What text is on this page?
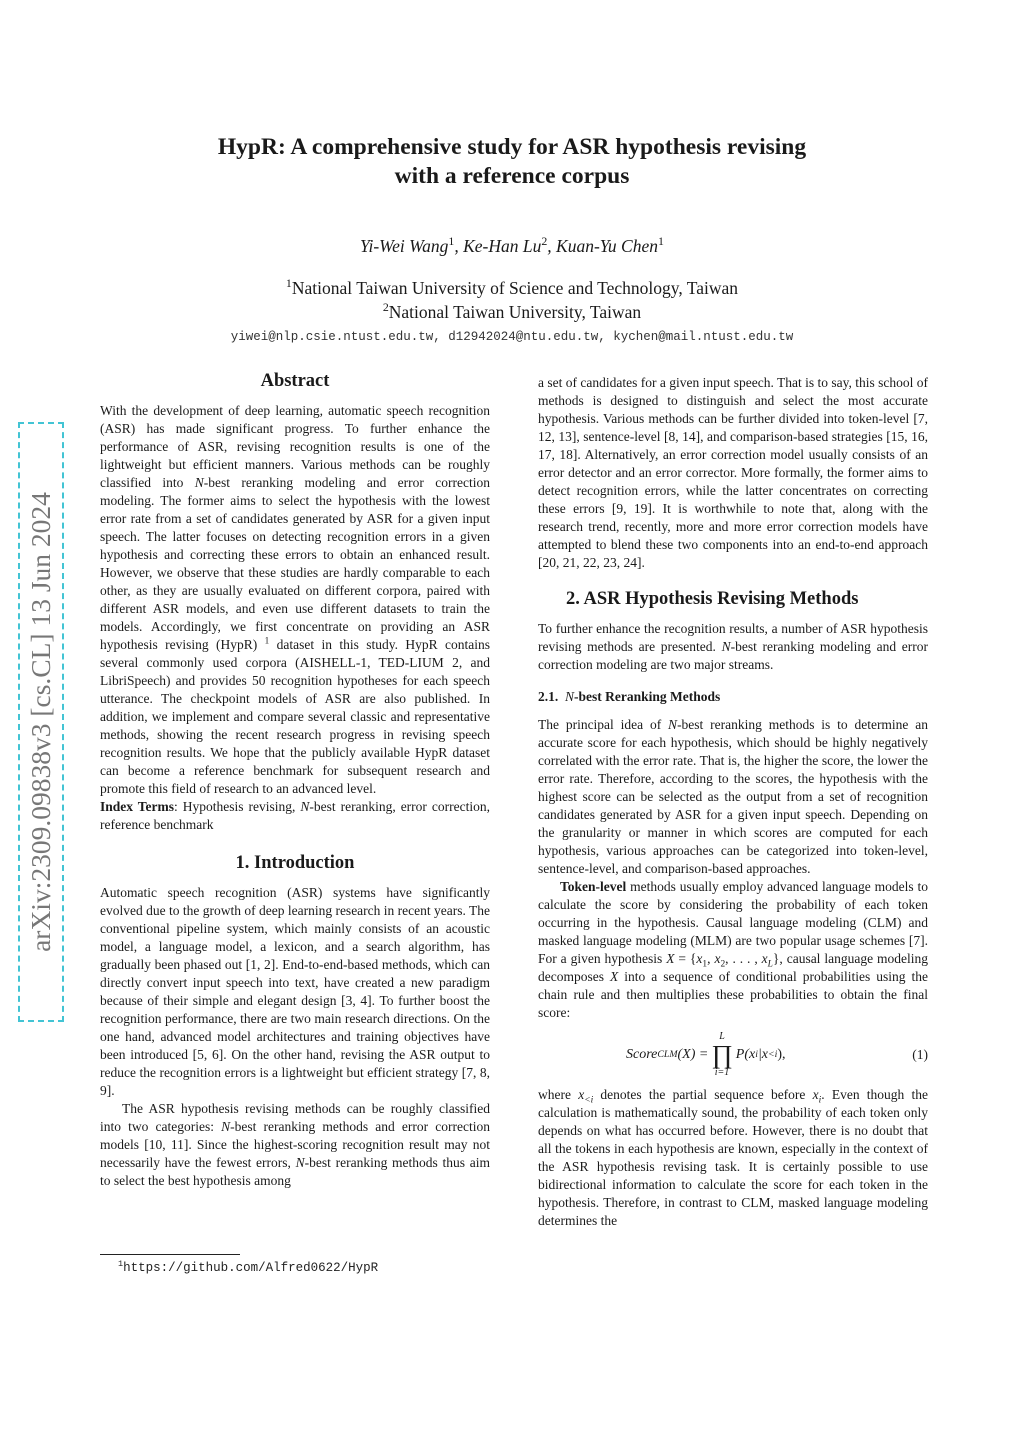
HypR: A comprehensive study for ASR hypothesis revising
with a reference corpus
Yi-Wei Wang$^1$, Ke-Han Lu$^2$, Kuan-Yu Chen$^1$
$^1$National Taiwan University of Science and Technology, Taiwan
$^2$National Taiwan University, Taiwan
yiwei@nlp.csie.ntust.edu.tw, d12942024@ntu.edu.tw, kychen@mail.ntust.edu.tw
arXiv:2309.09838v3 [cs.CL] 13 Jun 2024
Abstract

With the development of deep learning, automatic speech recognition (ASR) has made significant progress. To further enhance the performance of ASR, revising recognition results is one of the lightweight but efficient manners. Various methods can be roughly classified into N-best reranking modeling and error correction modeling. The former aims to select the hypothesis with the lowest error rate from a set of candidates generated by ASR for a given input speech. The latter focuses on detecting recognition errors in a given hypothesis and correcting these errors to obtain an enhanced result. However, we observe that these studies are hardly comparable to each other, as they are usually evaluated on different corpora, paired with different ASR models, and even use different datasets to train the models. Accordingly, we first concentrate on providing an ASR hypothesis revising (HypR) $^1$ dataset in this study. HypR contains several commonly used corpora (AISHELL-1, TED-LIUM 2, and LibriSpeech) and provides 50 recognition hypotheses for each speech utterance. The checkpoint models of ASR are also published. In addition, we implement and compare several classic and representative methods, showing the recent research progress in revising speech recognition results. We hope that the publicly available HypR dataset can become a reference benchmark for subsequent research and promote this field of research to an advanced level.

Index Terms: Hypothesis revising, N-best reranking, error correction, reference benchmark

1. Introduction

Automatic speech recognition (ASR) systems have significantly evolved due to the growth of deep learning research in recent years. The conventional pipeline system, which mainly consists of an acoustic model, a language model, a lexicon, and a search algorithm, has gradually been phased out [1, 2]. End-to-end-based methods, which can directly convert input speech into text, have created a new paradigm because of their simple and elegant design [3, 4]. To further boost the recognition performance, there are two main research directions. On the one hand, advanced model architectures and training objectives have been introduced [5, 6]. On the other hand, revising the ASR output to reduce the recognition errors is a lightweight but efficient strategy [7, 8, 9].

The ASR hypothesis revising methods can be roughly classified into two categories: N-best reranking methods and error correction models [10, 11]. Since the highest-scoring recognition result may not necessarily have the fewest errors, N-best reranking methods thus aim to select the best hypothesis among

$^1$https://github.com/Alfred0622/HypR

a set of candidates for a given input speech. That is to say, this school of methods is designed to distinguish and select the most accurate hypothesis. Various methods can be further divided into token-level [7, 12, 13], sentence-level [8, 14], and comparison-based strategies [15, 16, 17, 18]. Alternatively, an error correction model usually consists of an error detector and an error corrector. More formally, the former aims to detect recognition errors, while the latter concentrates on correcting these errors [9, 19]. It is worthwhile to note that, along with the research trend, recently, more and more error correction models have attempted to blend these two components into an end-to-end approach [20, 21, 22, 23, 24].

2. ASR Hypothesis Revising Methods

To further enhance the recognition results, a number of ASR hypothesis revising methods are presented. N-best reranking modeling and error correction modeling are two major streams.

2.1. N-best Reranking Methods

The principal idea of N-best reranking methods is to determine an accurate score for each hypothesis, which should be highly negatively correlated with the error rate. That is, the higher the score, the lower the error rate. Therefore, according to the scores, the hypothesis with the highest score can be selected as the output from a set of recognition candidates generated by ASR for a given input speech. Depending on the granularity or manner in which scores are computed for each hypothesis, various approaches can be categorized into token-level, sentence-level, and comparison-based approaches.

Token-level methods usually employ advanced language models to calculate the score by considering the probability of each token occurring in the hypothesis. Causal language modeling (CLM) and masked language modeling (MLM) are two popular usage schemes [7]. For a given hypothesis $X = \{x_1$, $x_2$, . . . , $x_L$}, causal language modeling decomposes X into a sequence of conditional probabilities using the chain rule and then multiplies these probabilities to obtain the final score:

Score CLM (X) =
L
∏
i=1
P (x i |x <i ),	(1)

where $x_{<i}$ denotes the partial sequence before $x_i$. Even though the calculation is mathematically sound, the probability of each token only depends on what has occurred before. However, there is no doubt that all the tokens in each hypothesis are known, especially in the context of the ASR hypothesis revising task. It is certainly possible to use bidirectional information to calculate the score for each token in the hypothesis. Therefore, in contrast to CLM, masked language modeling determines the
